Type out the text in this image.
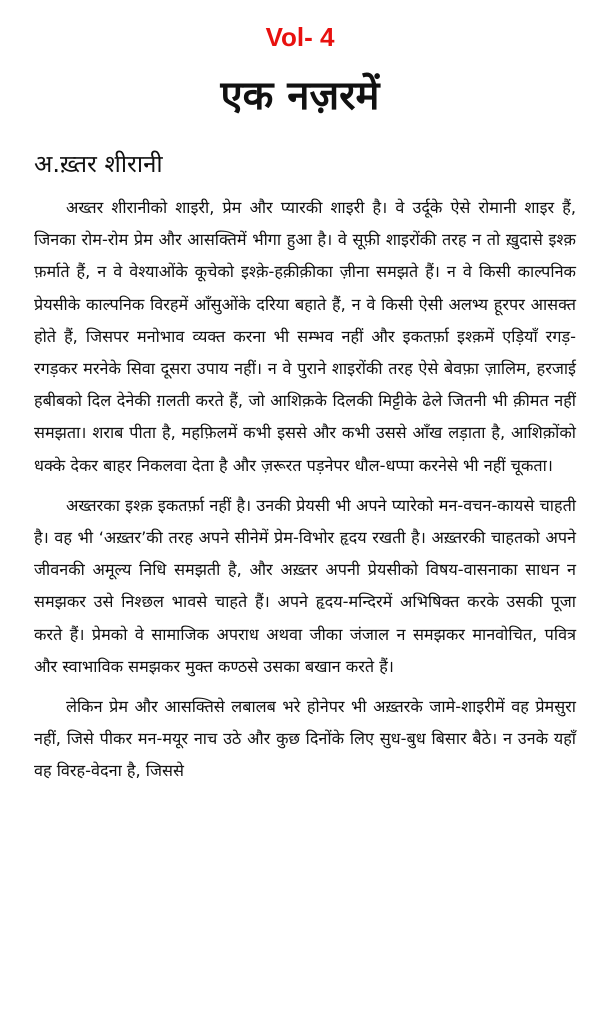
Vol- 4
एक नज़रमें
अ.ख़्तर शीरानी

अख्तर शीरानीको शाइरी, प्रेम और प्यारकी शाइरी है। वे उर्दूके ऐसे रोमानी शाइर हैं, जिनका रोम-रोम प्रेम और आसक्तिमें भीगा हुआ है। वे सूफ़ी शाइरोंकी तरह न तो ख़ुदासे इश्क़ फ़र्माते हैं, न वे वेश्याओंके कूचेको इश्क़े-हक़ीक़ीका ज़ीना समझते हैं। न वे किसी काल्पनिक प्रेयसीके काल्पनिक विरहमें आँसुओंके दरिया बहाते हैं, न वे किसी ऐसी अलभ्य हूरपर आसक्त होते हैं, जिसपर मनोभाव व्यक्त करना भी सम्भव नहीं और इकतर्फ़ा इश्क़में एड़ियाँ रगड़-रगड़कर मरनेके सिवा दूसरा उपाय नहीं। न वे पुराने शाइरोंकी तरह ऐसे बेवफ़ा ज़ालिम, हरजाई हबीबको दिल देनेकी ग़लती करते हैं, जो आशिक़के दिलकी मिट्टीके ढेले जितनी भी क़ीमत नहीं समझता। शराब पीता है, महफ़िलमें कभी इससे और कभी उससे आँख लड़ाता है, आशिक़ोंको धक्के देकर बाहर निकलवा देता है और ज़रूरत पड़नेपर धौल-धप्पा करनेसे भी नहीं चूकता।

अख्तरका इश्क़ इकतर्फ़ा नहीं है। उनकी प्रेयसी भी अपने प्यारेको मन-वचन-कायसे चाहती है। वह भी ‘अख़्तर’की तरह अपने सीनेमें प्रेम-विभोर हृदय रखती है। अख़्तरकी चाहतको अपने जीवनकी अमूल्य निधि समझती है, और अख़्तर अपनी प्रेयसीको विषय-वासनाका साधन न समझकर उसे निश्छल भावसे चाहते हैं। अपने हृदय-मन्दिरमें अभिषिक्त करके उसकी पूजा करते हैं। प्रेमको वे सामाजिक अपराध अथवा जीका जंजाल न समझकर मानवोचित, पवित्र और स्वाभाविक समझकर मुक्त कण्ठसे उसका बखान करते हैं।

लेकिन प्रेम और आसक्तिसे लबालब भरे होनेपर भी अख़्तरके जामे-शाइरीमें वह प्रेमसुरा नहीं, जिसे पीकर मन-मयूर नाच उठे और कुछ दिनोंके लिए सुध-बुध बिसार बैठे। न उनके यहाँ वह विरह-वेदना है, जिससे
